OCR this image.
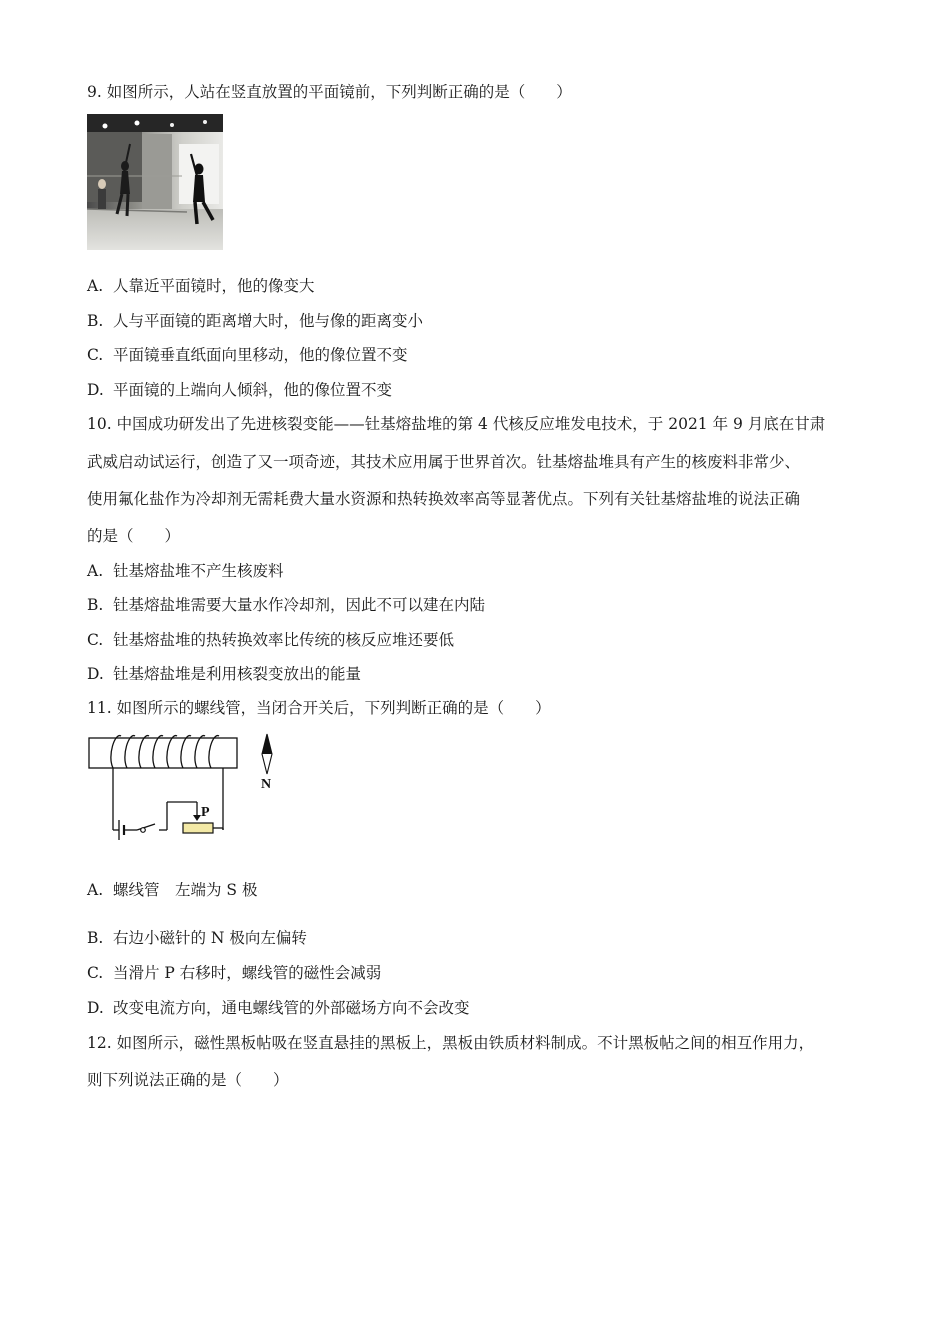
9. 如图所示，人站在竖直放置的平面镜前，下列判断正确的是（　　）
A. 人靠近平面镜时，他的像变大
B. 人与平面镜的距离增大时，他与像的距离变小
C. 平面镜垂直纸面向里移动，他的像位置不变
D. 平面镜的上端向人倾斜，他的像位置不变
10. 中国成功研发出了先进核裂变能——钍基熔盐堆的第 4 代核反应堆发电技术，于 2021 年 9 月底在甘肃
武威启动试运行，创造了又一项奇迹，其技术应用属于世界首次。钍基熔盐堆具有产生的核废料非常少、
使用氟化盐作为冷却剂无需耗费大量水资源和热转换效率高等显著优点。下列有关钍基熔盐堆的说法正确
的是（　　）
A. 钍基熔盐堆不产生核废料
B. 钍基熔盐堆需要大量水作冷却剂，因此不可以建在内陆
C. 钍基熔盐堆的热转换效率比传统的核反应堆还要低
D. 钍基熔盐堆是利用核裂变放出的能量
11. 如图所示的螺线管，当闭合开关后，下列判断正确的是（　　）
P
N
A. 螺线管　左端为 S 极
B. 右边小磁针的 N 极向左偏转
C. 当滑片 P 右移时，螺线管的磁性会减弱
D. 改变电流方向，通电螺线管的外部磁场方向不会改变
12. 如图所示，磁性黑板帖吸在竖直悬挂的黑板上，黑板由铁质材料制成。不计黑板帖之间的相互作用力，
则下列说法正确的是（　　）
